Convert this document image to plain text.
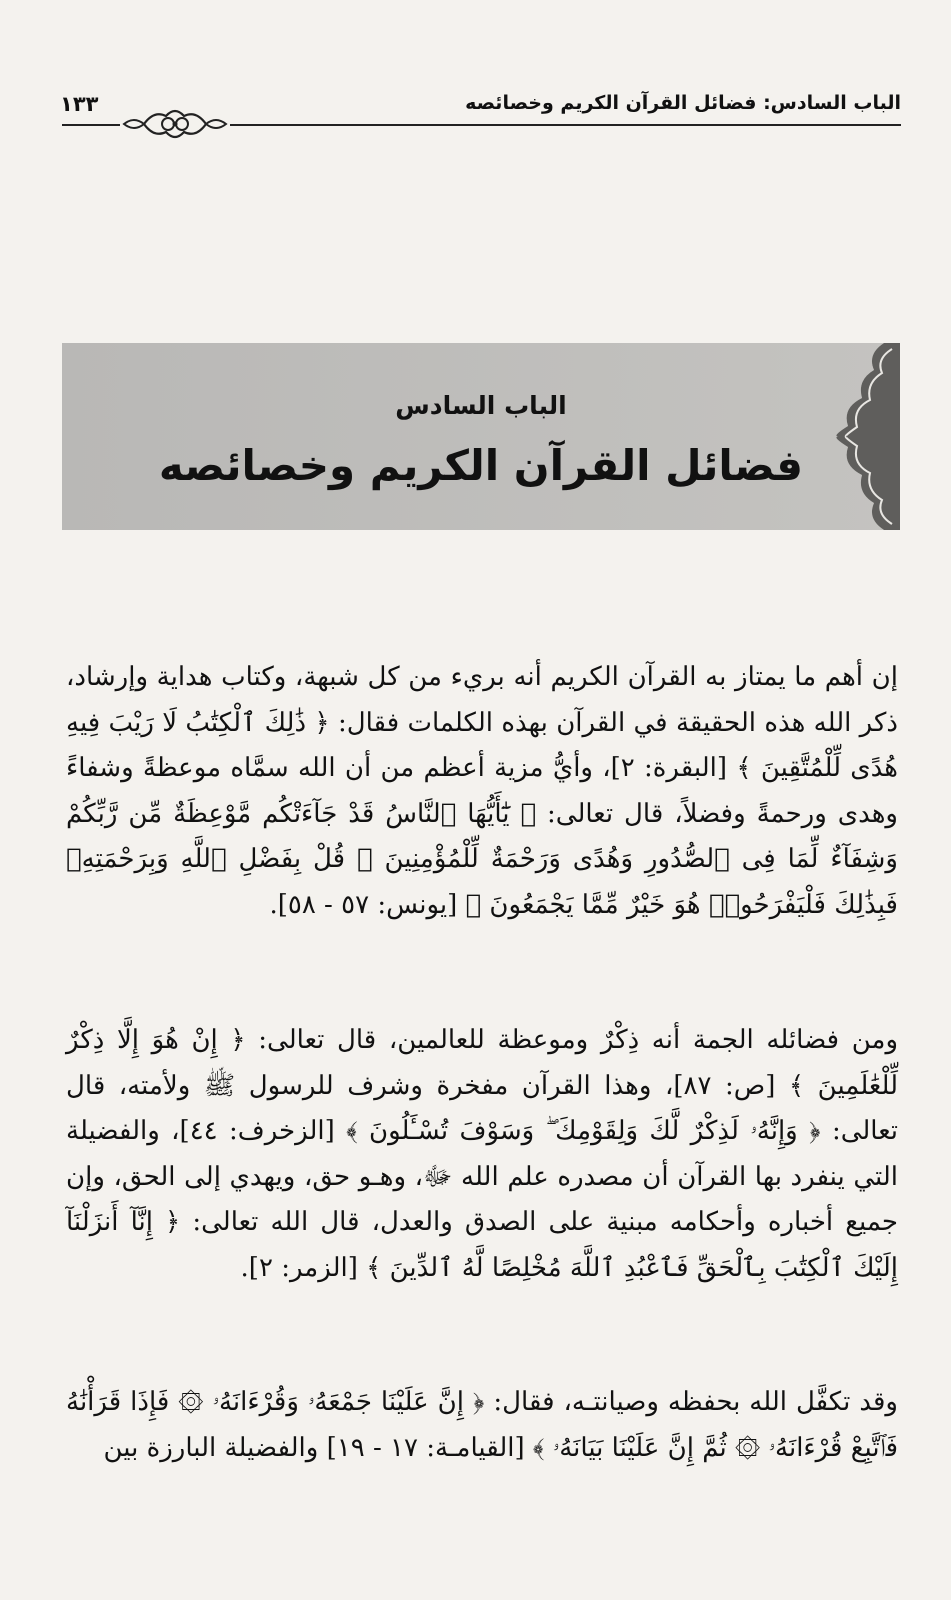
الباب السادس: فضائل القرآن الكريم وخصائصه
١٣٣
الباب السادس
فضائل القرآن الكريم وخصائصه

إن أهم ما يمتاز به القرآن الكريم أنه بريء من كل شبهة، وكتاب هداية وإرشاد، ذكر الله هذه الحقيقة في القرآن بهذه الكلمات فقال: ﴿ ذَٰلِكَ ٱلْكِتَٰبُ لَا رَيْبَ فِيهِ هُدًى لِّلْمُتَّقِينَ ﴾ [البقرة: ٢]، وأيُّ مزية أعظم من أن الله سمَّاه موعظةً وشفاءً وهدى ورحمةً وفضلاً، قال تعالى: ﴿ يَٰٓأَيُّهَا ٱلنَّاسُ قَدْ جَآءَتْكُم مَّوْعِظَةٌ مِّن رَّبِّكُمْ وَشِفَآءٌ لِّمَا فِى ٱلصُّدُورِ وَهُدًى وَرَحْمَةٌ لِّلْمُؤْمِنِينَ ۞ قُلْ بِفَضْلِ ٱللَّهِ وَبِرَحْمَتِهِۦ فَبِذَٰلِكَ فَلْيَفْرَحُوا۟ هُوَ خَيْرٌ مِّمَّا يَجْمَعُونَ ﴾ [يونس: ٥٧ - ٥٨].

ومن فضائله الجمة أنه ذِكْرٌ وموعظة للعالمين، قال تعالى: ﴿ إِنْ هُوَ إِلَّا ذِكْرٌ لِّلْعَٰلَمِينَ ﴾ [ص: ٨٧]، وهذا القرآن مفخرة وشرف للرسول ﷺ ولأمته، قال تعالى: ﴿ وَإِنَّهُۥ لَذِكْرٌ لَّكَ وَلِقَوْمِكَ ۖ وَسَوْفَ تُسْـَٔلُونَ ﴾ [الزخرف: ٤٤]، والفضيلة التي ينفرد بها القرآن أن مصدره علم الله ﷻ، وهـو حق، ويهدي إلى الحق، وإن جميع أخباره وأحكامه مبنية على الصدق والعدل، قال الله تعالى: ﴿ إِنَّآ أَنزَلْنَآ إِلَيْكَ ٱلْكِتَٰبَ بِٱلْحَقِّ فَٱعْبُدِ ٱللَّهَ مُخْلِصًا لَّهُ ٱلدِّينَ ﴾ [الزمر: ٢].

وقد تكفَّل الله بحفظه وصيانتـه، فقال: ﴿ إِنَّ عَلَيْنَا جَمْعَهُۥ وَقُرْءَانَهُۥ ۞ فَإِذَا قَرَأْنَٰهُ فَٱتَّبِعْ قُرْءَانَهُۥ ۞ ثُمَّ إِنَّ عَلَيْنَا بَيَانَهُۥ ﴾ [القيامـة: ١٧ - ١٩] والفضيلة البارزة بين
